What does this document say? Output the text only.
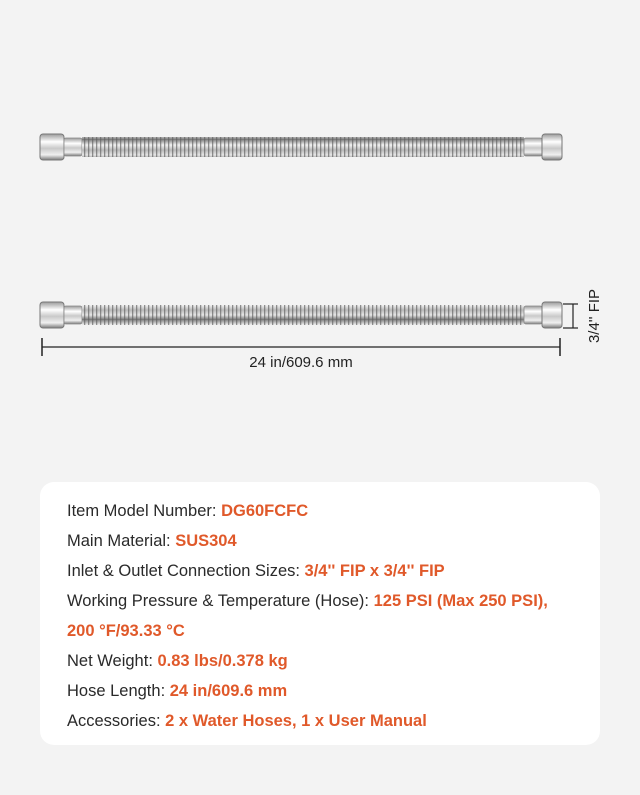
24 in/609.6 mm
3/4'' FIP
Item Model Number: DG60FCFC
Main Material: SUS304
Inlet & Outlet Connection Sizes: 3/4'' FIP x 3/4'' FIP
Working Pressure & Temperature (Hose): 125 PSI (Max 250 PSI),
200 °F/93.33 °C
Net Weight: 0.83 lbs/0.378 kg
Hose Length: 24 in/609.6 mm
Accessories: 2 x Water Hoses, 1 x User Manual
